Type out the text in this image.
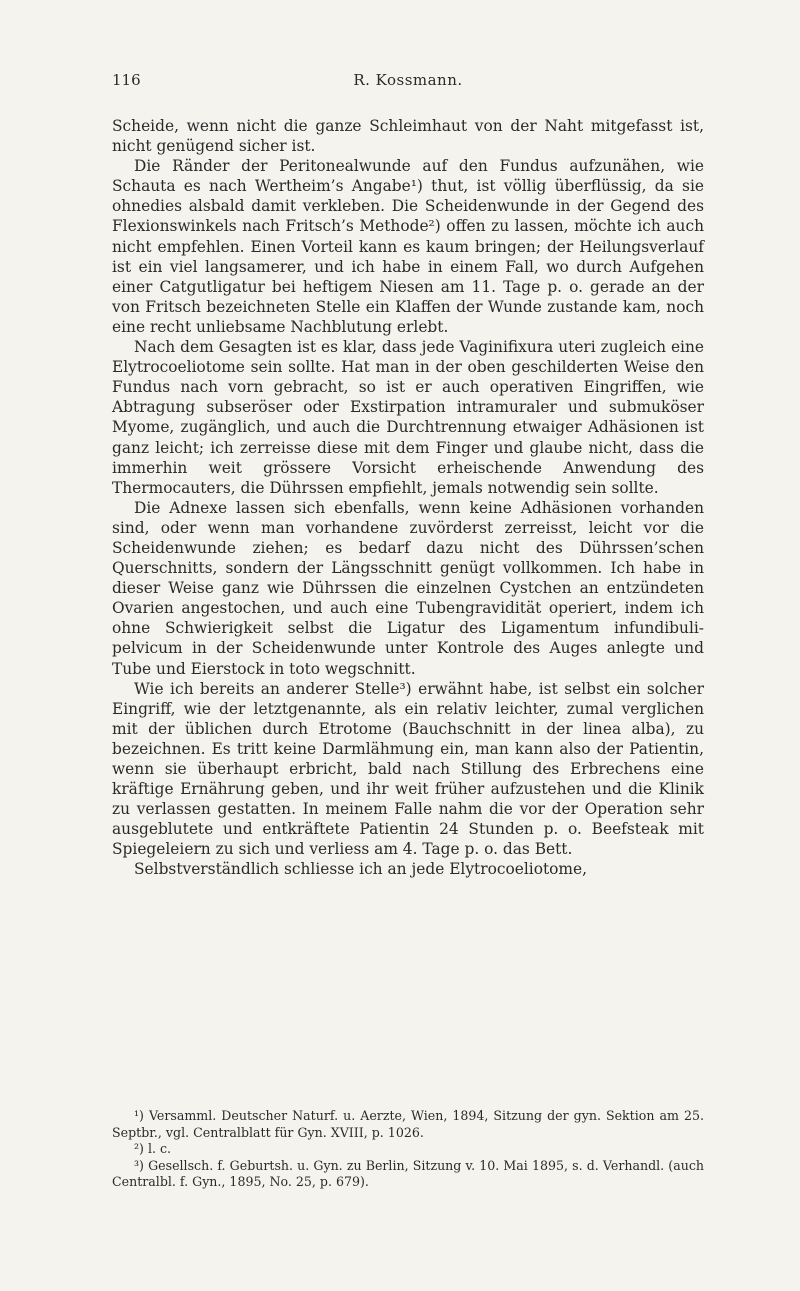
116	R. Kossmann.

Scheide, wenn nicht die ganze Schleimhaut von der Naht mitgefasst ist, nicht genügend sicher ist.

Die Ränder der Peritonealwunde auf den Fundus aufzunähen, wie Schauta es nach Wertheim’s Angabe¹) thut, ist völlig überflüssig, da sie ohnedies alsbald damit verkleben. Die Scheidenwunde in der Gegend des Flexionswinkels nach Fritsch’s Methode²) offen zu lassen, möchte ich auch nicht empfehlen. Einen Vorteil kann es kaum bringen; der Heilungsverlauf ist ein viel langsamerer, und ich habe in einem Fall, wo durch Aufgehen einer Catgutligatur bei heftigem Niesen am 11. Tage p. o. gerade an der von Fritsch bezeichneten Stelle ein Klaffen der Wunde zustande kam, noch eine recht unliebsame Nachblutung erlebt.

Nach dem Gesagten ist es klar, dass jede Vaginifixura uteri zugleich eine Elytrocoeliotome sein sollte. Hat man in der oben geschilderten Weise den Fundus nach vorn gebracht, so ist er auch operativen Eingriffen, wie Abtragung subseröser oder Exstirpation intramuraler und submuköser Myome, zugänglich, und auch die Durchtrennung etwaiger Adhäsionen ist ganz leicht; ich zerreisse diese mit dem Finger und glaube nicht, dass die immerhin weit grössere Vorsicht erheischende Anwendung des Thermocauters, die Dührssen empfiehlt, jemals notwendig sein sollte.

Die Adnexe lassen sich ebenfalls, wenn keine Adhäsionen vorhanden sind, oder wenn man vorhandene zuvörderst zerreisst, leicht vor die Scheidenwunde ziehen; es bedarf dazu nicht des Dührssen’schen Querschnitts, sondern der Längsschnitt genügt vollkommen. Ich habe in dieser Weise ganz wie Dührssen die einzelnen Cystchen an entzündeten Ovarien angestochen, und auch eine Tubengravidität operiert, indem ich ohne Schwierigkeit selbst die Ligatur des Ligamentum infundibuli-pelvicum in der Scheidenwunde unter Kontrole des Auges anlegte und Tube und Eierstock in toto wegschnitt.

Wie ich bereits an anderer Stelle³) erwähnt habe, ist selbst ein solcher Eingriff, wie der letztgenannte, als ein relativ leichter, zumal verglichen mit der üblichen durch Etrotome (Bauchschnitt in der linea alba), zu bezeichnen. Es tritt keine Darmlähmung ein, man kann also der Patientin, wenn sie überhaupt erbricht, bald nach Stillung des Erbrechens eine kräftige Ernährung geben, und ihr weit früher aufzustehen und die Klinik zu verlassen gestatten. In meinem Falle nahm die vor der Operation sehr ausgeblutete und entkräftete Patientin 24 Stunden p. o. Beefsteak mit Spiegeleiern zu sich und verliess am 4. Tage p. o. das Bett.

Selbstverständlich schliesse ich an jede Elytrocoeliotome,

¹) Versamml. Deutscher Naturf. u. Aerzte, Wien, 1894, Sitzung der gyn. Sektion am 25. Septbr., vgl. Centralblatt für Gyn. XVIII, p. 1026.

²) l. c.

³) Gesellsch. f. Geburtsh. u. Gyn. zu Berlin, Sitzung v. 10. Mai 1895, s. d. Verhandl. (auch Centralbl. f. Gyn., 1895, No. 25, p. 679).
